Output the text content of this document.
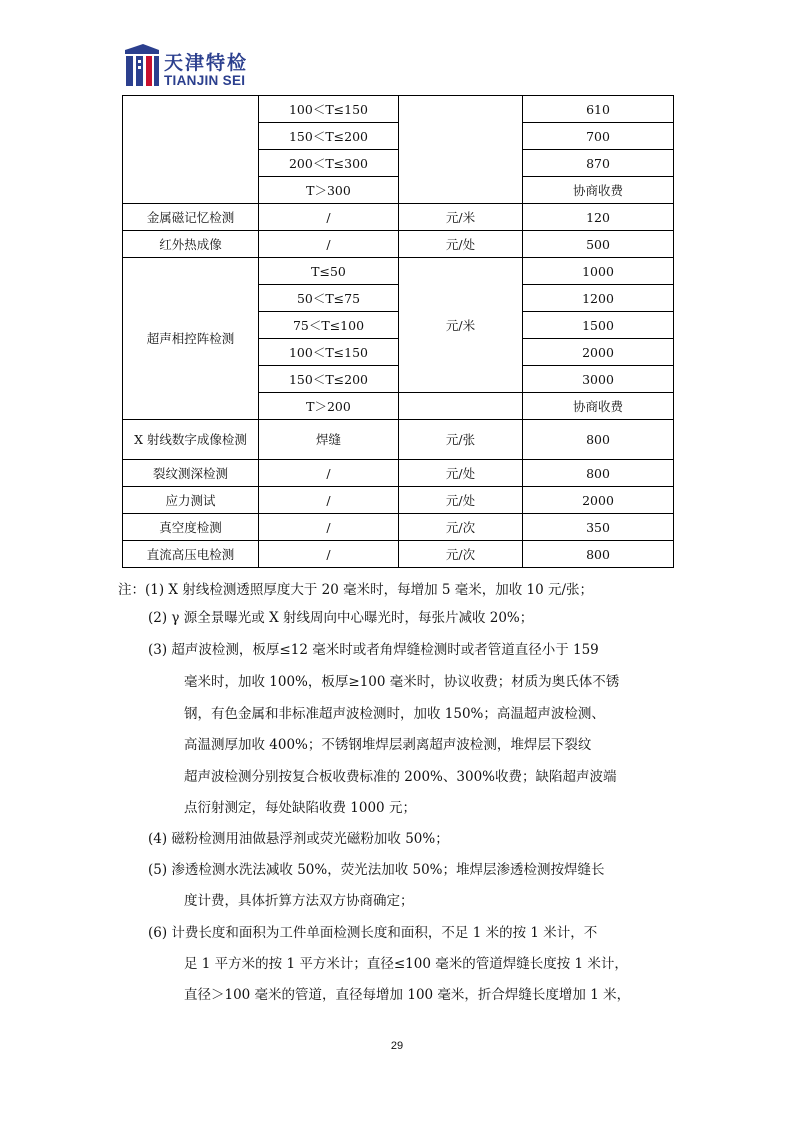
天津特检
TIANJIN SEI
	100＜T≤150		610
	150＜T≤200		700
	200＜T≤300		870
	T＞300		协商收费
金属磁记忆检测	/	元/米	120
红外热成像	/	元/处	500
超声相控阵检测	T≤50	元/米	1000
	50＜T≤75		1200
	75＜T≤100		1500
	100＜T≤150		2000
	150＜T≤200		3000
	T＞200		协商收费
X 射线数字成像检测	焊缝	元/张	800
裂纹测深检测	/	元/处	800
应力测试	/	元/处	2000
真空度检测	/	元/次	350
直流高压电检测	/	元/次	800
注：(1) X 射线检测透照厚度大于 20 毫米时，每增加 5 毫米，加收 10 元/张；
(2) γ 源全景曝光或 X 射线周向中心曝光时，每张片减收 20%；
(3) 超声波检测，板厚≤12 毫米时或者角焊缝检测时或者管道直径小于 159
毫米时，加收 100%，板厚≥100 毫米时，协议收费；材质为奥氏体不锈
钢，有色金属和非标准超声波检测时，加收 150%；高温超声波检测、
高温测厚加收 400%；不锈钢堆焊层剥离超声波检测，堆焊层下裂纹
超声波检测分别按复合板收费标准的 200%、300%收费；缺陷超声波端
点衍射测定，每处缺陷收费 1000 元；
(4) 磁粉检测用油做悬浮剂或荧光磁粉加收 50%；
(5) 渗透检测水洗法减收 50%，荧光法加收 50%；堆焊层渗透检测按焊缝长
度计费，具体折算方法双方协商确定；
(6) 计费长度和面积为工件单面检测长度和面积，不足 1 米的按 1 米计，不
足 1 平方米的按 1 平方米计；直径≤100 毫米的管道焊缝长度按 1 米计，
直径＞100 毫米的管道，直径每增加 100 毫米，折合焊缝长度增加 1 米，
29
